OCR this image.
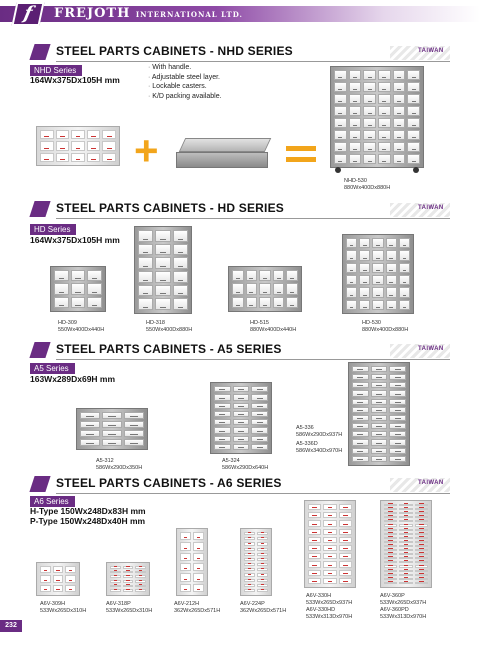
f	FREJOTH INTERNATIONAL LTD.
STEEL PARTS CABINETS - NHD SERIES	TAIWAN
NHD Series
164Wx375Dx105H mm
· With handle.
· Adjustable steel layer.
· Lockable casters.
· K/D packing available.
+
NHD-530
880Wx400Dx880H
STEEL PARTS CABINETS - HD SERIES	TAIWAN
HD Series
164Wx375Dx105H mm
HD-309
550Wx400Dx440H
HD-318
550Wx400Dx880H
HD-515
880Wx400Dx440H
HD-530
880Wx400Dx880H
STEEL PARTS CABINETS - A5 SERIES	TAIWAN
A5 Series
163Wx289Dx69H mm
A5-312
586Wx290Dx350H
A5-324
586Wx290Dx640H
A5-336
586Wx290Dx937H
A5-336D
586Wx340Dx970H
STEEL PARTS CABINETS - A6 SERIES	TAIWAN
A6 Series
H-Type 150Wx248Dx83H mm
P-Type 150Wx248Dx40H mm
A6V-309H
533Wx265Dx310H
A6V-318P
533Wx265Dx310H
A6V-212H
362Wx265Dx571H
A6V-224P
362Wx265Dx571H
A6V-330H
533Wx265Dx937H
A6V-330HD
533Wx313Dx970H
A6V-360P
533Wx265Dx937H
A6V-360PD
533Wx313Dx970H
232
